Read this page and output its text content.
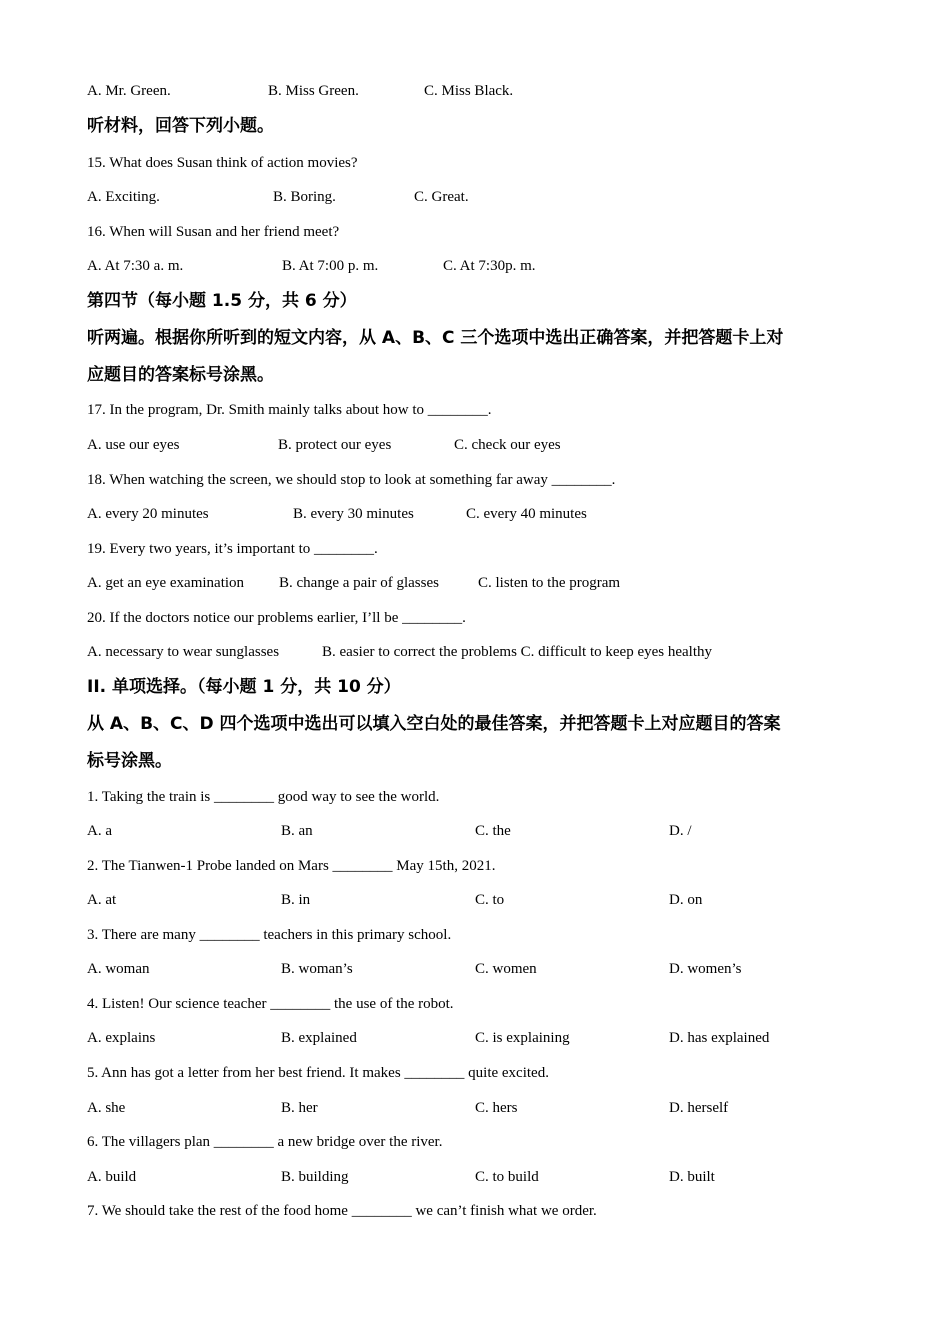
A. Mr. Green.	B. Miss Green.	C. Miss Black.
听材料，回答下列小题。
15. What does Susan think of action movies?
A. Exciting.	B. Boring.	C. Great.
16. When will Susan and her friend meet?
A. At 7:30 a. m.	B. At 7:00 p. m.	C. At 7:30p. m.
第四节（每小题 1.5 分，共 6 分）
听两遍。根据你所听到的短文内容，从 A、B、C 三个选项中选出正确答案，并把答题卡上对
应题目的答案标号涂黑。
17. In the program, Dr. Smith mainly talks about how to ________.
A. use our eyes	B. protect our eyes	C. check our eyes
18. When watching the screen, we should stop to look at something far away ________.
A. every 20 minutes	B. every 30 minutes	C. every 40 minutes
19. Every two years, it’s important to ________.
A. get an eye examination B. change a pair of glasses	C. listen to the program
20. If the doctors notice our problems earlier, I’ll be ________.
A. necessary to wear sunglasses	B. easier to correct the problems C. difficult to keep eyes healthy
II. 单项选择。（每小题 1 分，共 10 分）
从 A、B、C、D 四个选项中选出可以填入空白处的最佳答案，并把答题卡上对应题目的答案
标号涂黑。
1. Taking the train is ________ good way to see the world.
A. a	B. an	C. the	D. /
2. The Tianwen-1 Probe landed on Mars ________ May 15th, 2021.
A. at	B. in	C. to	D. on
3. There are many ________ teachers in this primary school.
A. woman	B. woman’s	C. women	D. women’s
4. Listen! Our science teacher ________ the use of the robot.
A. explains	B. explained	C. is explaining	D. has explained
5. Ann has got a letter from her best friend. It makes ________ quite excited.
A. she	B. her	C. hers	D. herself
6. The villagers plan ________ a new bridge over the river.
A. build	B. building	C. to build	D. built
7. We should take the rest of the food home ________ we can’t finish what we order.
